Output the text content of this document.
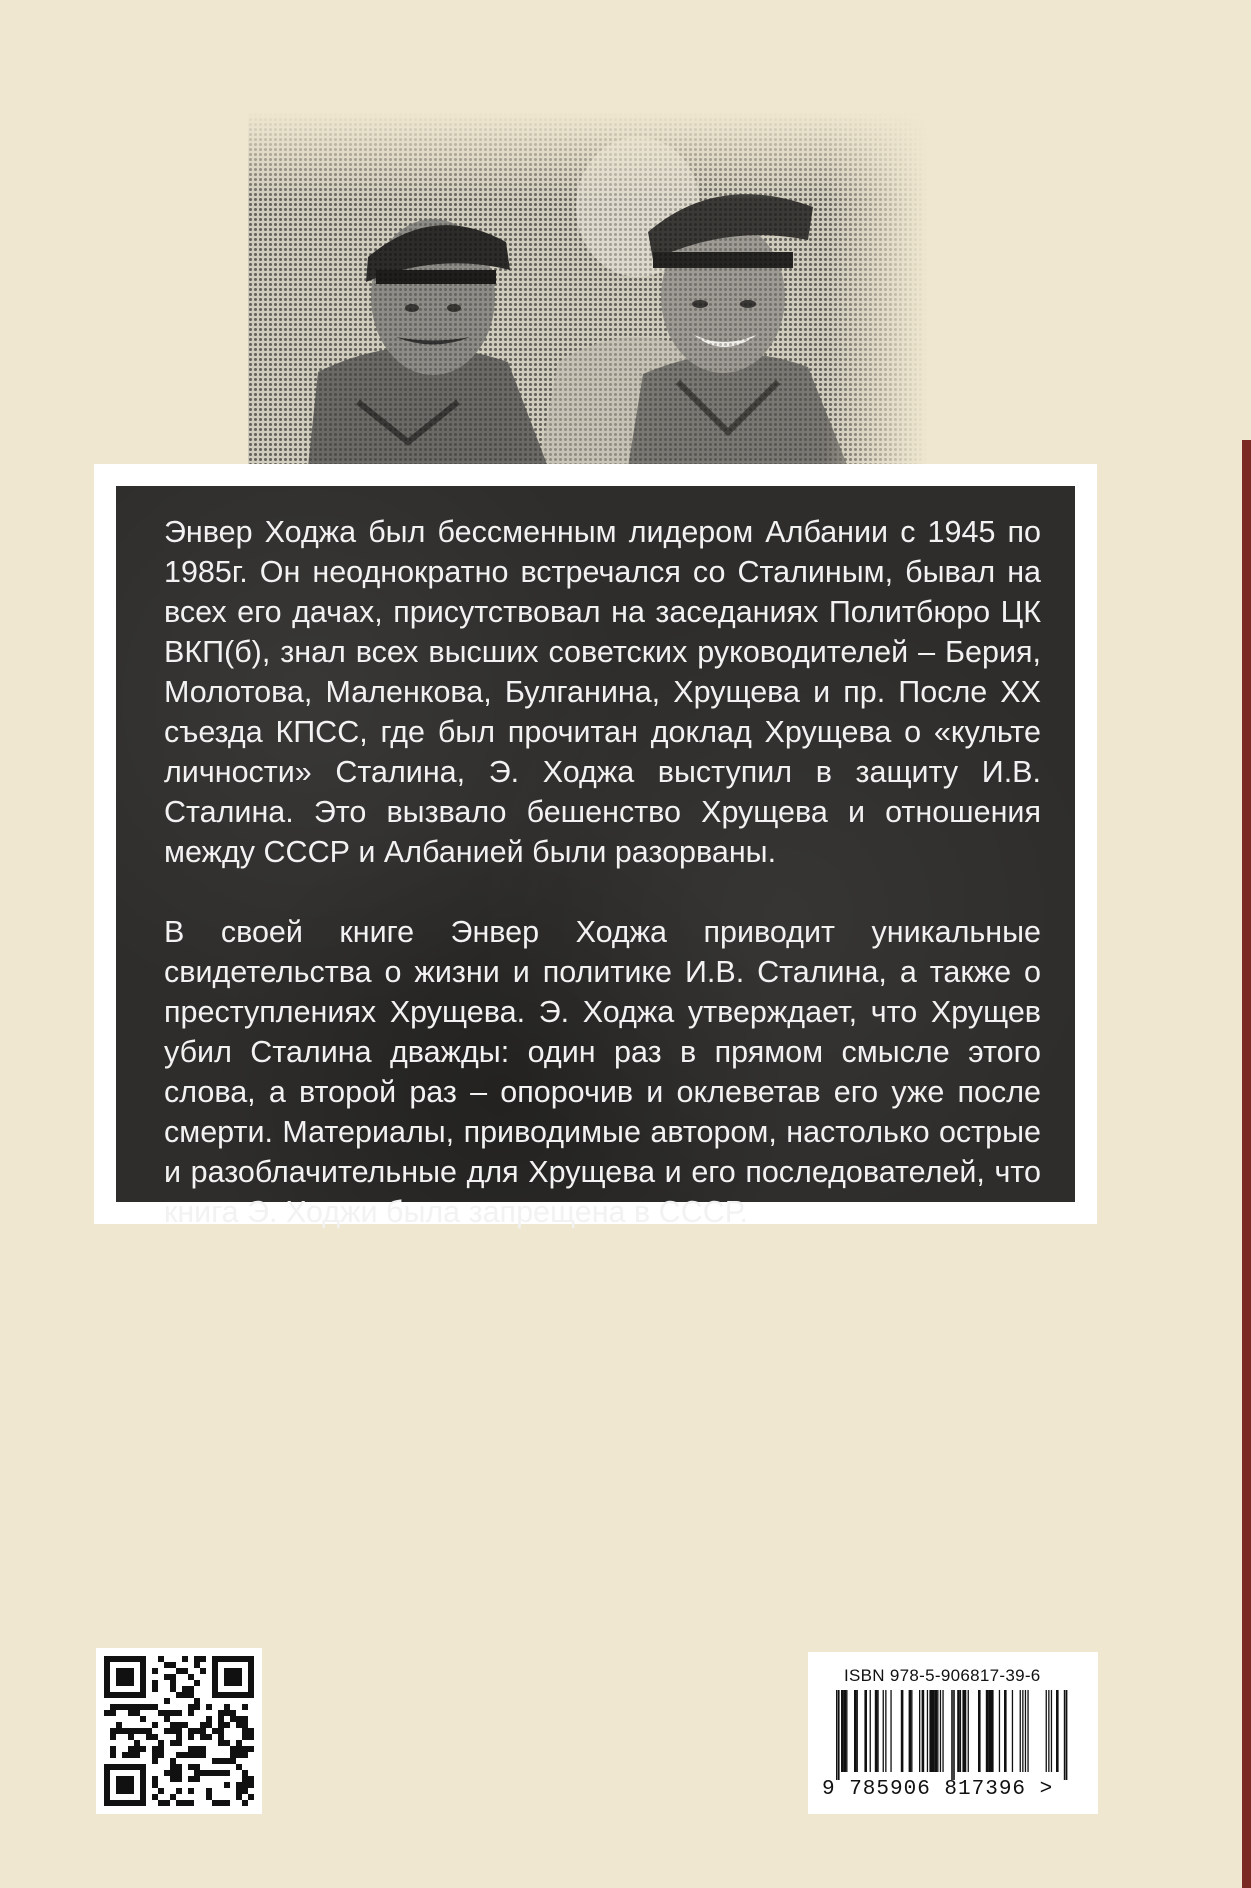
Энвер Ходжа был бессменным лидером Албании с 1945 по 1985г. Он неоднократно встречался со Сталиным, бывал на всех его дачах, присутствовал на заседаниях Политбюро ЦК ВКП(б), знал всех высших советских руководителей – Берия, Молотова, Маленкова, Булганина, Хрущева и пр. После ХХ съезда КПСС, где был прочитан доклад Хрущева о «культе личности» Сталина, Э. Ходжа выступил в защиту И.В. Сталина. Это вызвало бешенство Хрущева и отношения между СССР и Албанией были разорваны.

В своей книге Энвер Ходжа приводит уникальные свидетельства о жизни и политике И.В. Сталина, а также о преступлениях Хрущева. Э. Ходжа утверждает, что Хрущев убил Сталина дважды: один раз в прямом смысле этого слова, а второй раз – опорочив и оклеветав его уже после смерти. Материалы, приводимые автором, настолько острые и разоблачительные для Хрущева и его последователей, что книга Э. Ходжи была запрещена в СССР.

ISBN 978-5-906817-39-6
9 785906 817396 >
